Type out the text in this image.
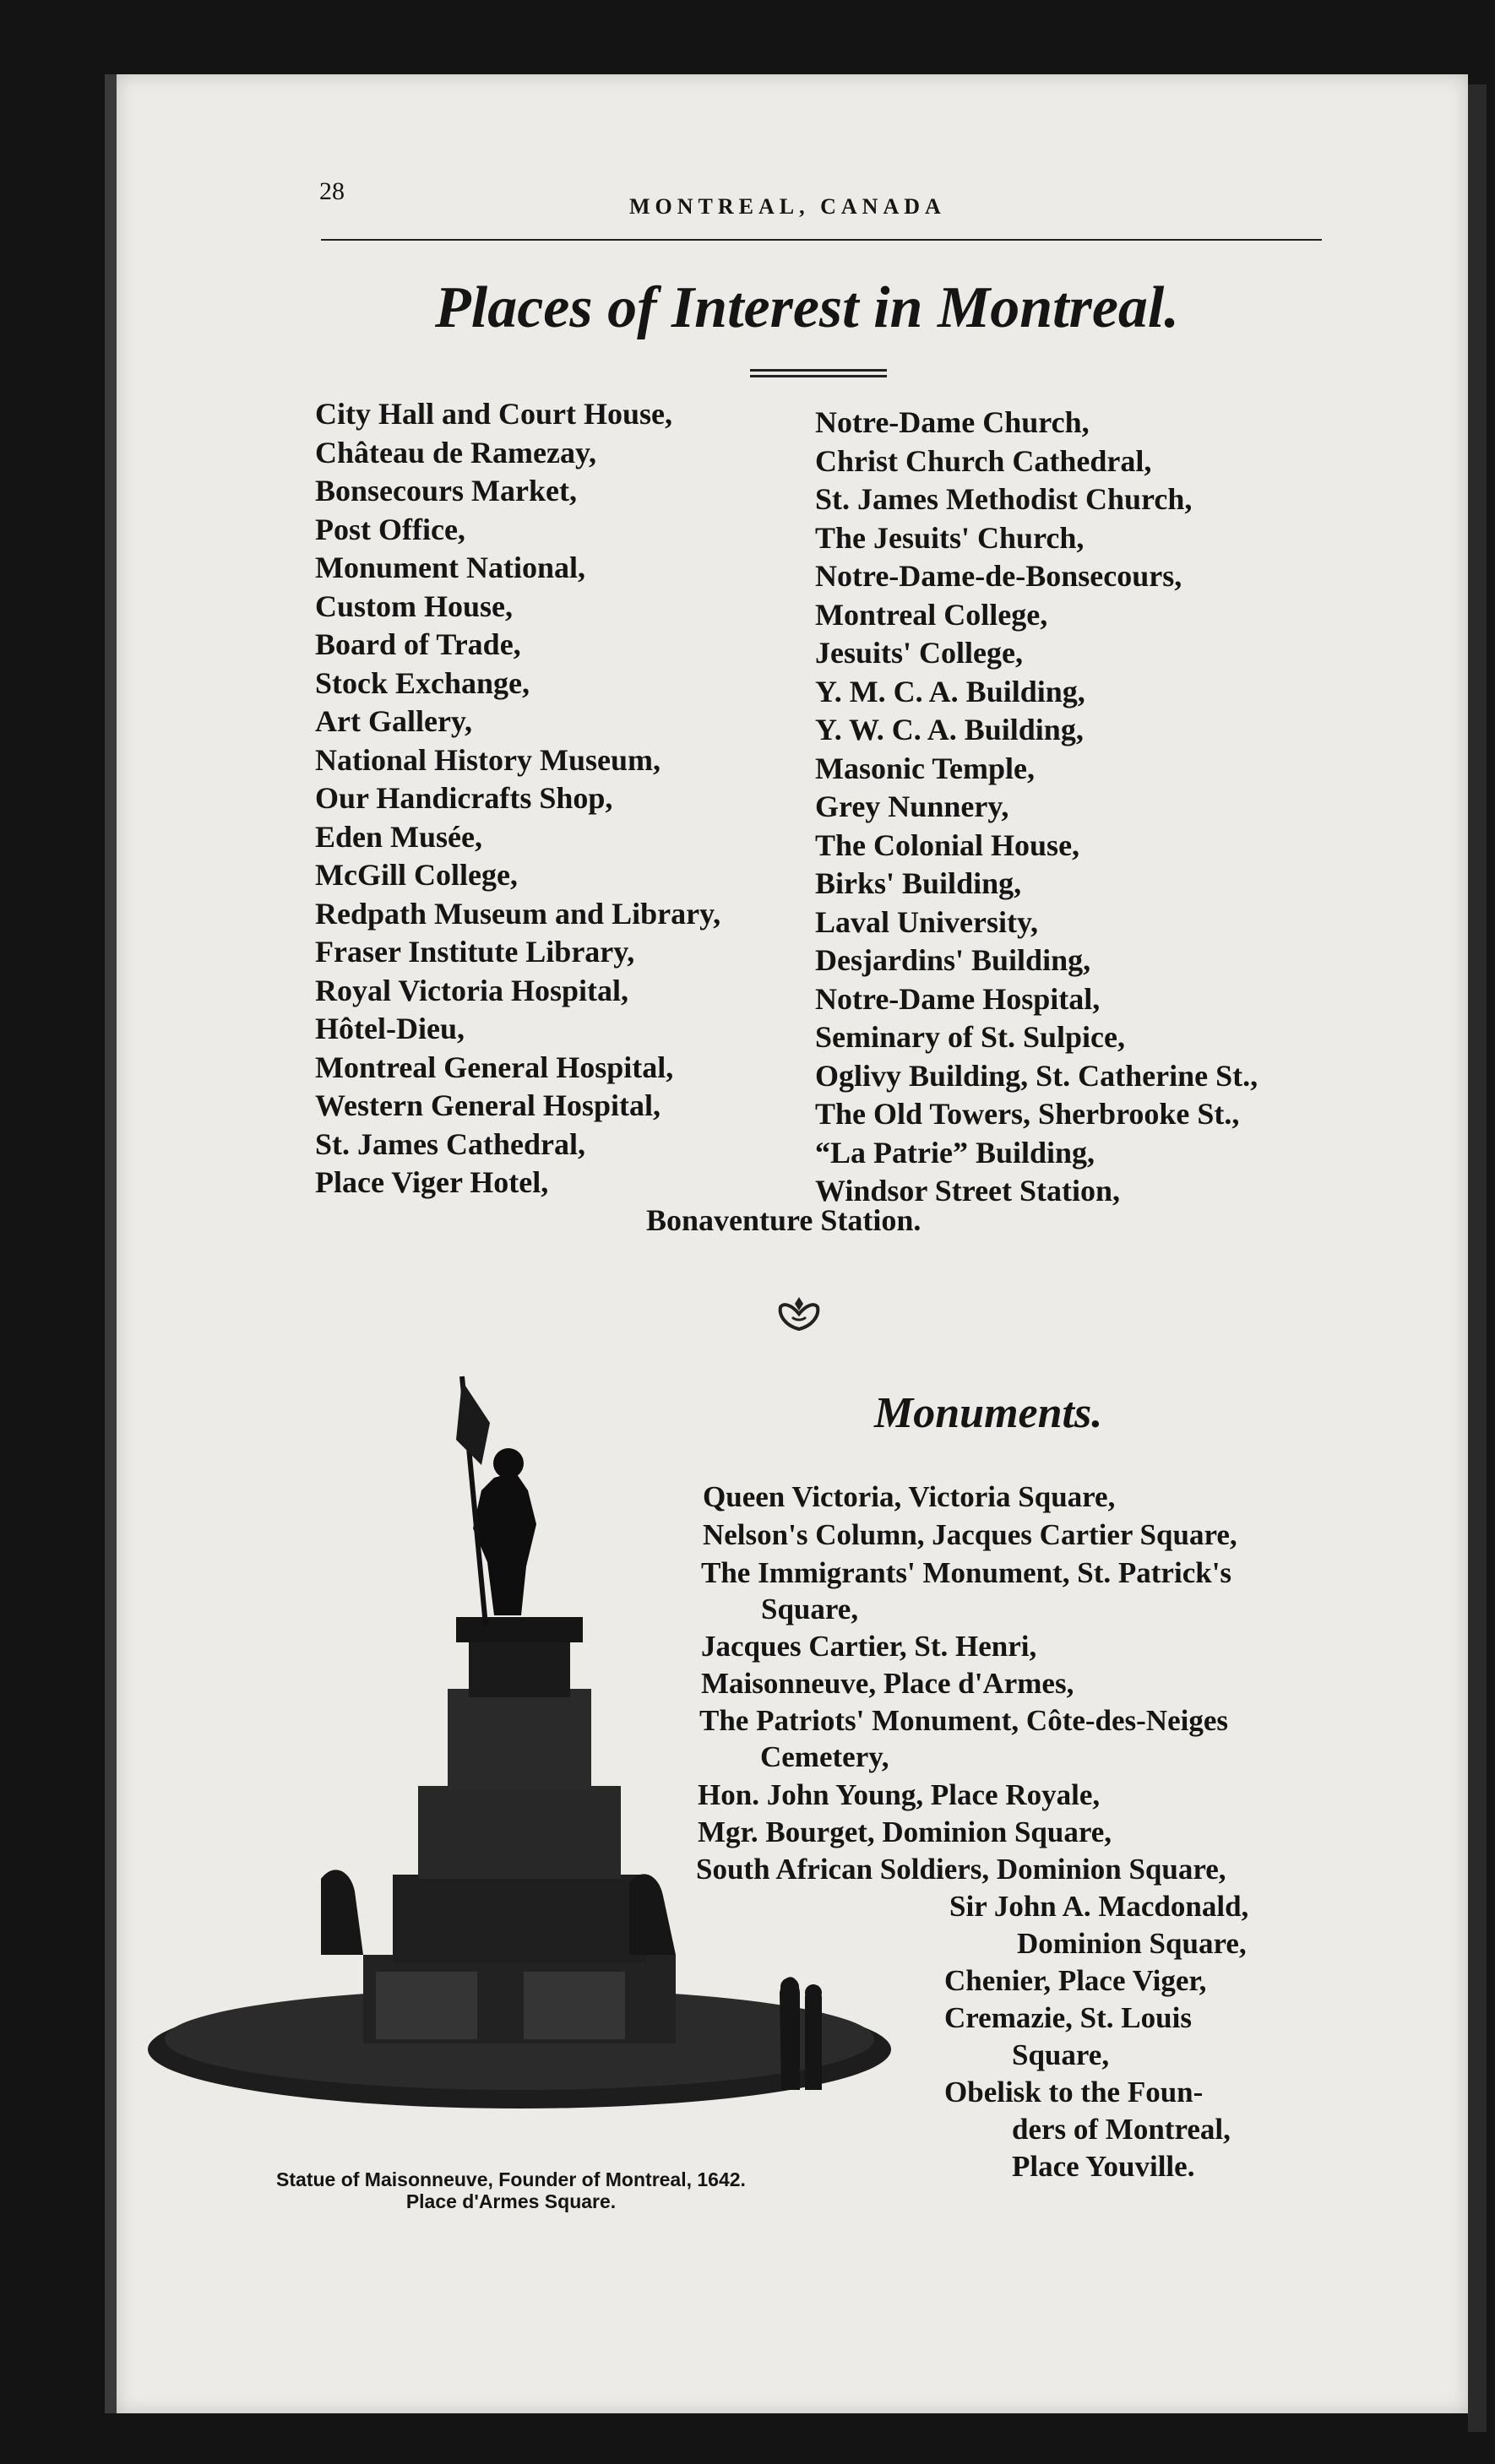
28
MONTREAL, CANADA
Places of Interest in Montreal.
City Hall and Court House,
Château de Ramezay,
Bonsecours Market,
Post Office,
Monument National,
Custom House,
Board of Trade,
Stock Exchange,
Art Gallery,
National History Museum,
Our Handicrafts Shop,
Eden Musée,
McGill College,
Redpath Museum and Library,
Fraser Institute Library,
Royal Victoria Hospital,
Hôtel-Dieu,
Montreal General Hospital,
Western General Hospital,
St. James Cathedral,
Place Viger Hotel,
Notre-Dame Church,
Christ Church Cathedral,
St. James Methodist Church,
The Jesuits' Church,
Notre-Dame-de-Bonsecours,
Montreal College,
Jesuits' College,
Y. M. C. A. Building,
Y. W. C. A. Building,
Masonic Temple,
Grey Nunnery,
The Colonial House,
Birks' Building,
Laval University,
Desjardins' Building,
Notre-Dame Hospital,
Seminary of St. Sulpice,
Oglivy Building, St. Catherine St.,
The Old Towers, Sherbrooke St.,
“La Patrie” Building,
Windsor Street Station,
Bonaventure Station.
Monuments.
Queen Victoria, Victoria Square,
Nelson's Column, Jacques Cartier Square,
The Immigrants' Monument, St. Patrick's
Square,
Jacques Cartier, St. Henri,
Maisonneuve, Place d'Armes,
The Patriots' Monument, Côte-des-Neiges
Cemetery,
Hon. John Young, Place Royale,
Mgr. Bourget, Dominion Square,
South African Soldiers, Dominion Square,
Sir John A. Macdonald,
Dominion Square,
Chenier, Place Viger,
Cremazie, St. Louis
Square,
Obelisk to the Foun-
ders of Montreal,
Place Youville.
Statue of Maisonneuve, Founder of Montreal, 1642.
Place d'Armes Square.
